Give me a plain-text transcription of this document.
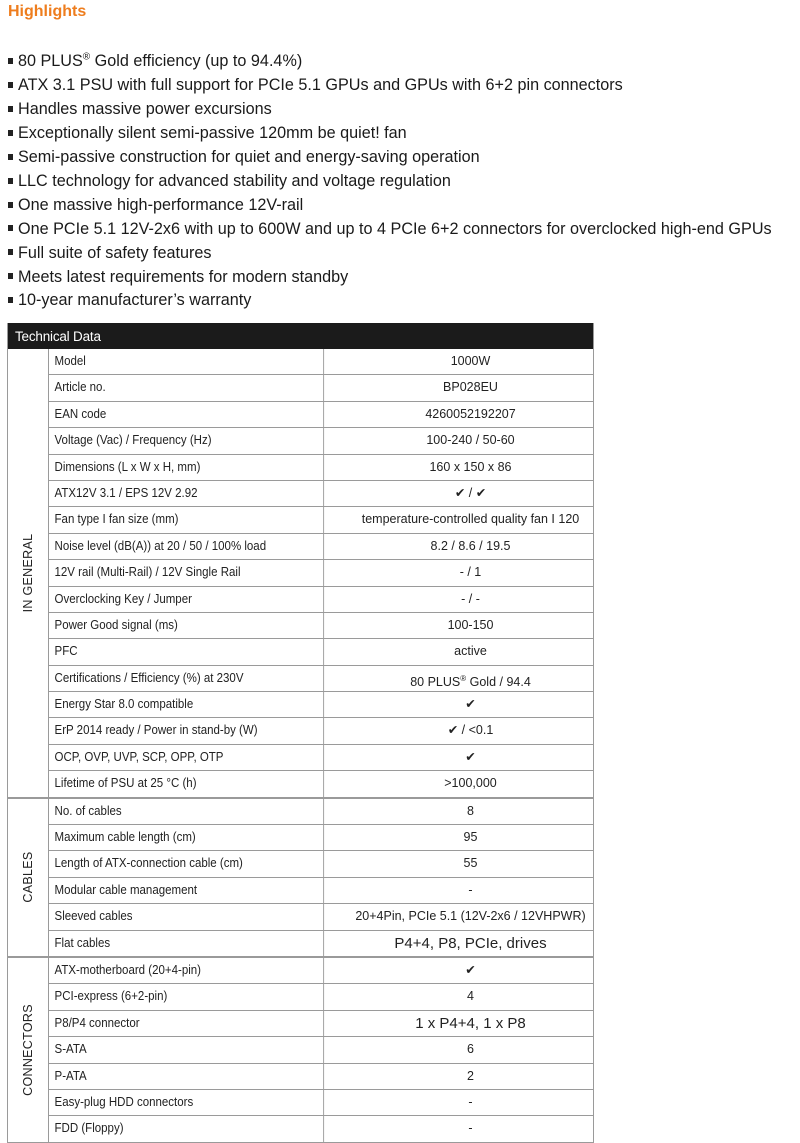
Highlights
80 PLUS® Gold efficiency (up to 94.4%)
ATX 3.1 PSU with full support for PCIe 5.1 GPUs and GPUs with 6+2 pin connectors
Handles massive power excursions
Exceptionally silent semi-passive 120mm be quiet! fan
Semi-passive construction for quiet and energy-saving operation
LLC technology for advanced stability and voltage regulation
One massive high-performance 12V-rail
One PCIe 5.1 12V-2x6 with up to 600W and up to 4 PCIe 6+2 connectors for overclocked high-end GPUs
Full suite of safety features
Meets latest requirements for modern standby
10-year manufacturer’s warranty
Technical Data
IN GENERAL
Model	1000W
Article no.	BP028EU
EAN code	4260052192207
Voltage (Vac) / Frequency (Hz)	100-240 / 50-60
Dimensions (L x W x H, mm)	160 x 150 x 86
ATX12V 3.1 / EPS 12V 2.92	✔ / ✔
Fan type I fan size (mm)	temperature-controlled quality fan I 120
Noise level (dB(A)) at 20 / 50 / 100% load	8.2 / 8.6 / 19.5
12V rail (Multi-Rail) / 12V Single Rail	- / 1
Overclocking Key / Jumper	- / -
Power Good signal (ms)	100-150
PFC	active
Certifications / Efficiency (%) at 230V	80 PLUS® Gold / 94.4
Energy Star 8.0 compatible	✔
ErP 2014 ready / Power in stand-by (W)	✔ / <0.1
OCP, OVP, UVP, SCP, OPP, OTP	✔
Lifetime of PSU at 25 °C (h)	>100,000
CABLES
No. of cables	8
Maximum cable length (cm)	95
Length of ATX-connection cable (cm)	55
Modular cable management	-
Sleeved cables	20+4Pin, PCIe 5.1 (12V-2x6 / 12VHPWR)
Flat cables	P4+4, P8, PCIe, drives
CONNECTORS
ATX-motherboard (20+4-pin)	✔
PCI-express (6+2-pin)	4
P8/P4 connector	1 x P4+4, 1 x P8
S-ATA	6
P-ATA	2
Easy-plug HDD connectors	-
FDD (Floppy)	-
